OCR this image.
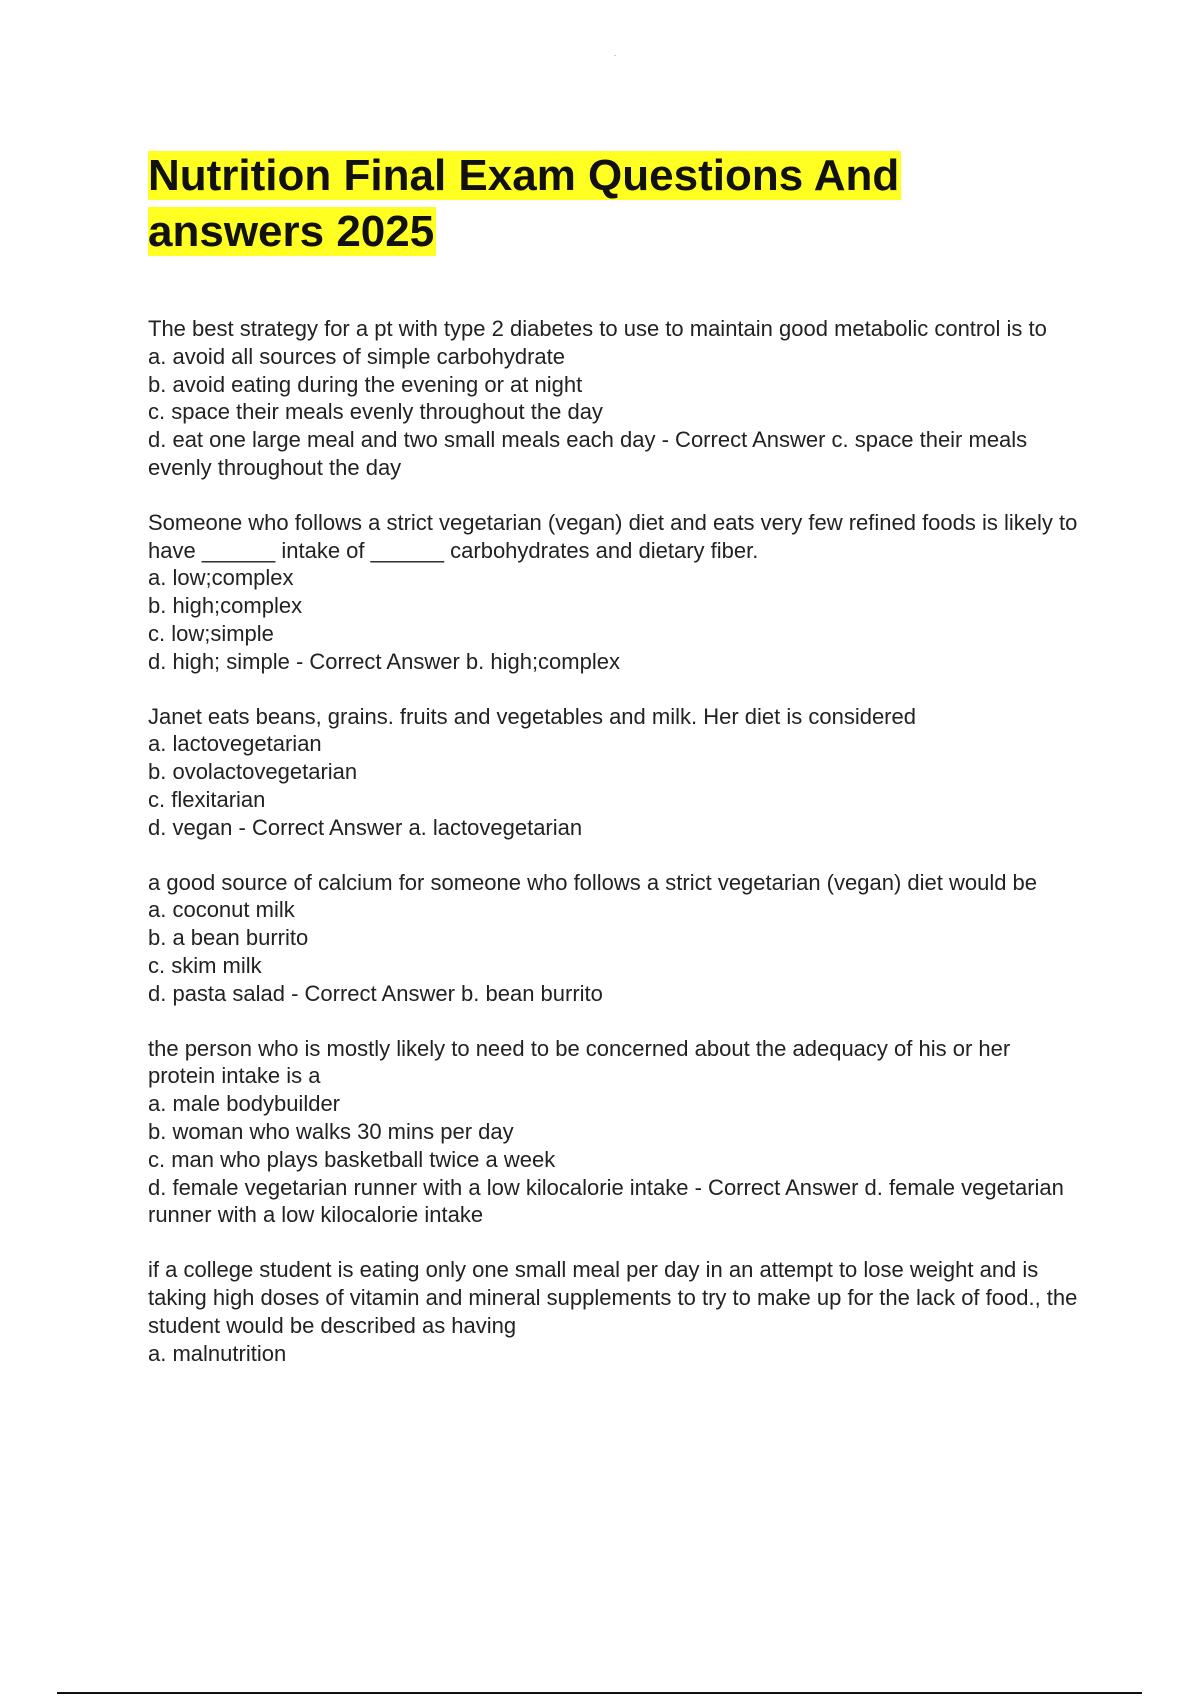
Nutrition Final Exam Questions And answers 2025
The best strategy for a pt with type 2 diabetes to use to maintain good metabolic control is to
a. avoid all sources of simple carbohydrate
b. avoid eating during the evening or at night
c. space their meals evenly throughout the day
d. eat one large meal and two small meals each day - Correct Answer c. space their meals evenly throughout the day
Someone who follows a strict vegetarian (vegan) diet and eats very few refined foods is likely to have ______ intake of ______ carbohydrates and dietary fiber.
a. low;complex
b. high;complex
c. low;simple
d. high; simple - Correct Answer b. high;complex
Janet eats beans, grains. fruits and vegetables and milk. Her diet is considered
a. lactovegetarian
b. ovolactovegetarian
c. flexitarian
d. vegan - Correct Answer a. lactovegetarian
a good source of calcium for someone who follows a strict vegetarian (vegan) diet would be
a. coconut milk
b. a bean burrito
c. skim milk
d. pasta salad - Correct Answer b. bean burrito
the person who is mostly likely to need to be concerned about the adequacy of his or her protein intake is a
a. male bodybuilder
b. woman who walks 30 mins per day
c. man who plays basketball twice a week
d. female vegetarian runner with a low kilocalorie intake - Correct Answer d. female vegetarian runner with a low kilocalorie intake
if a college student is eating only one small meal per day in an attempt to lose weight and is taking high doses of vitamin and mineral supplements to try to make up for the lack of food., the student would be described as having
a. malnutrition
